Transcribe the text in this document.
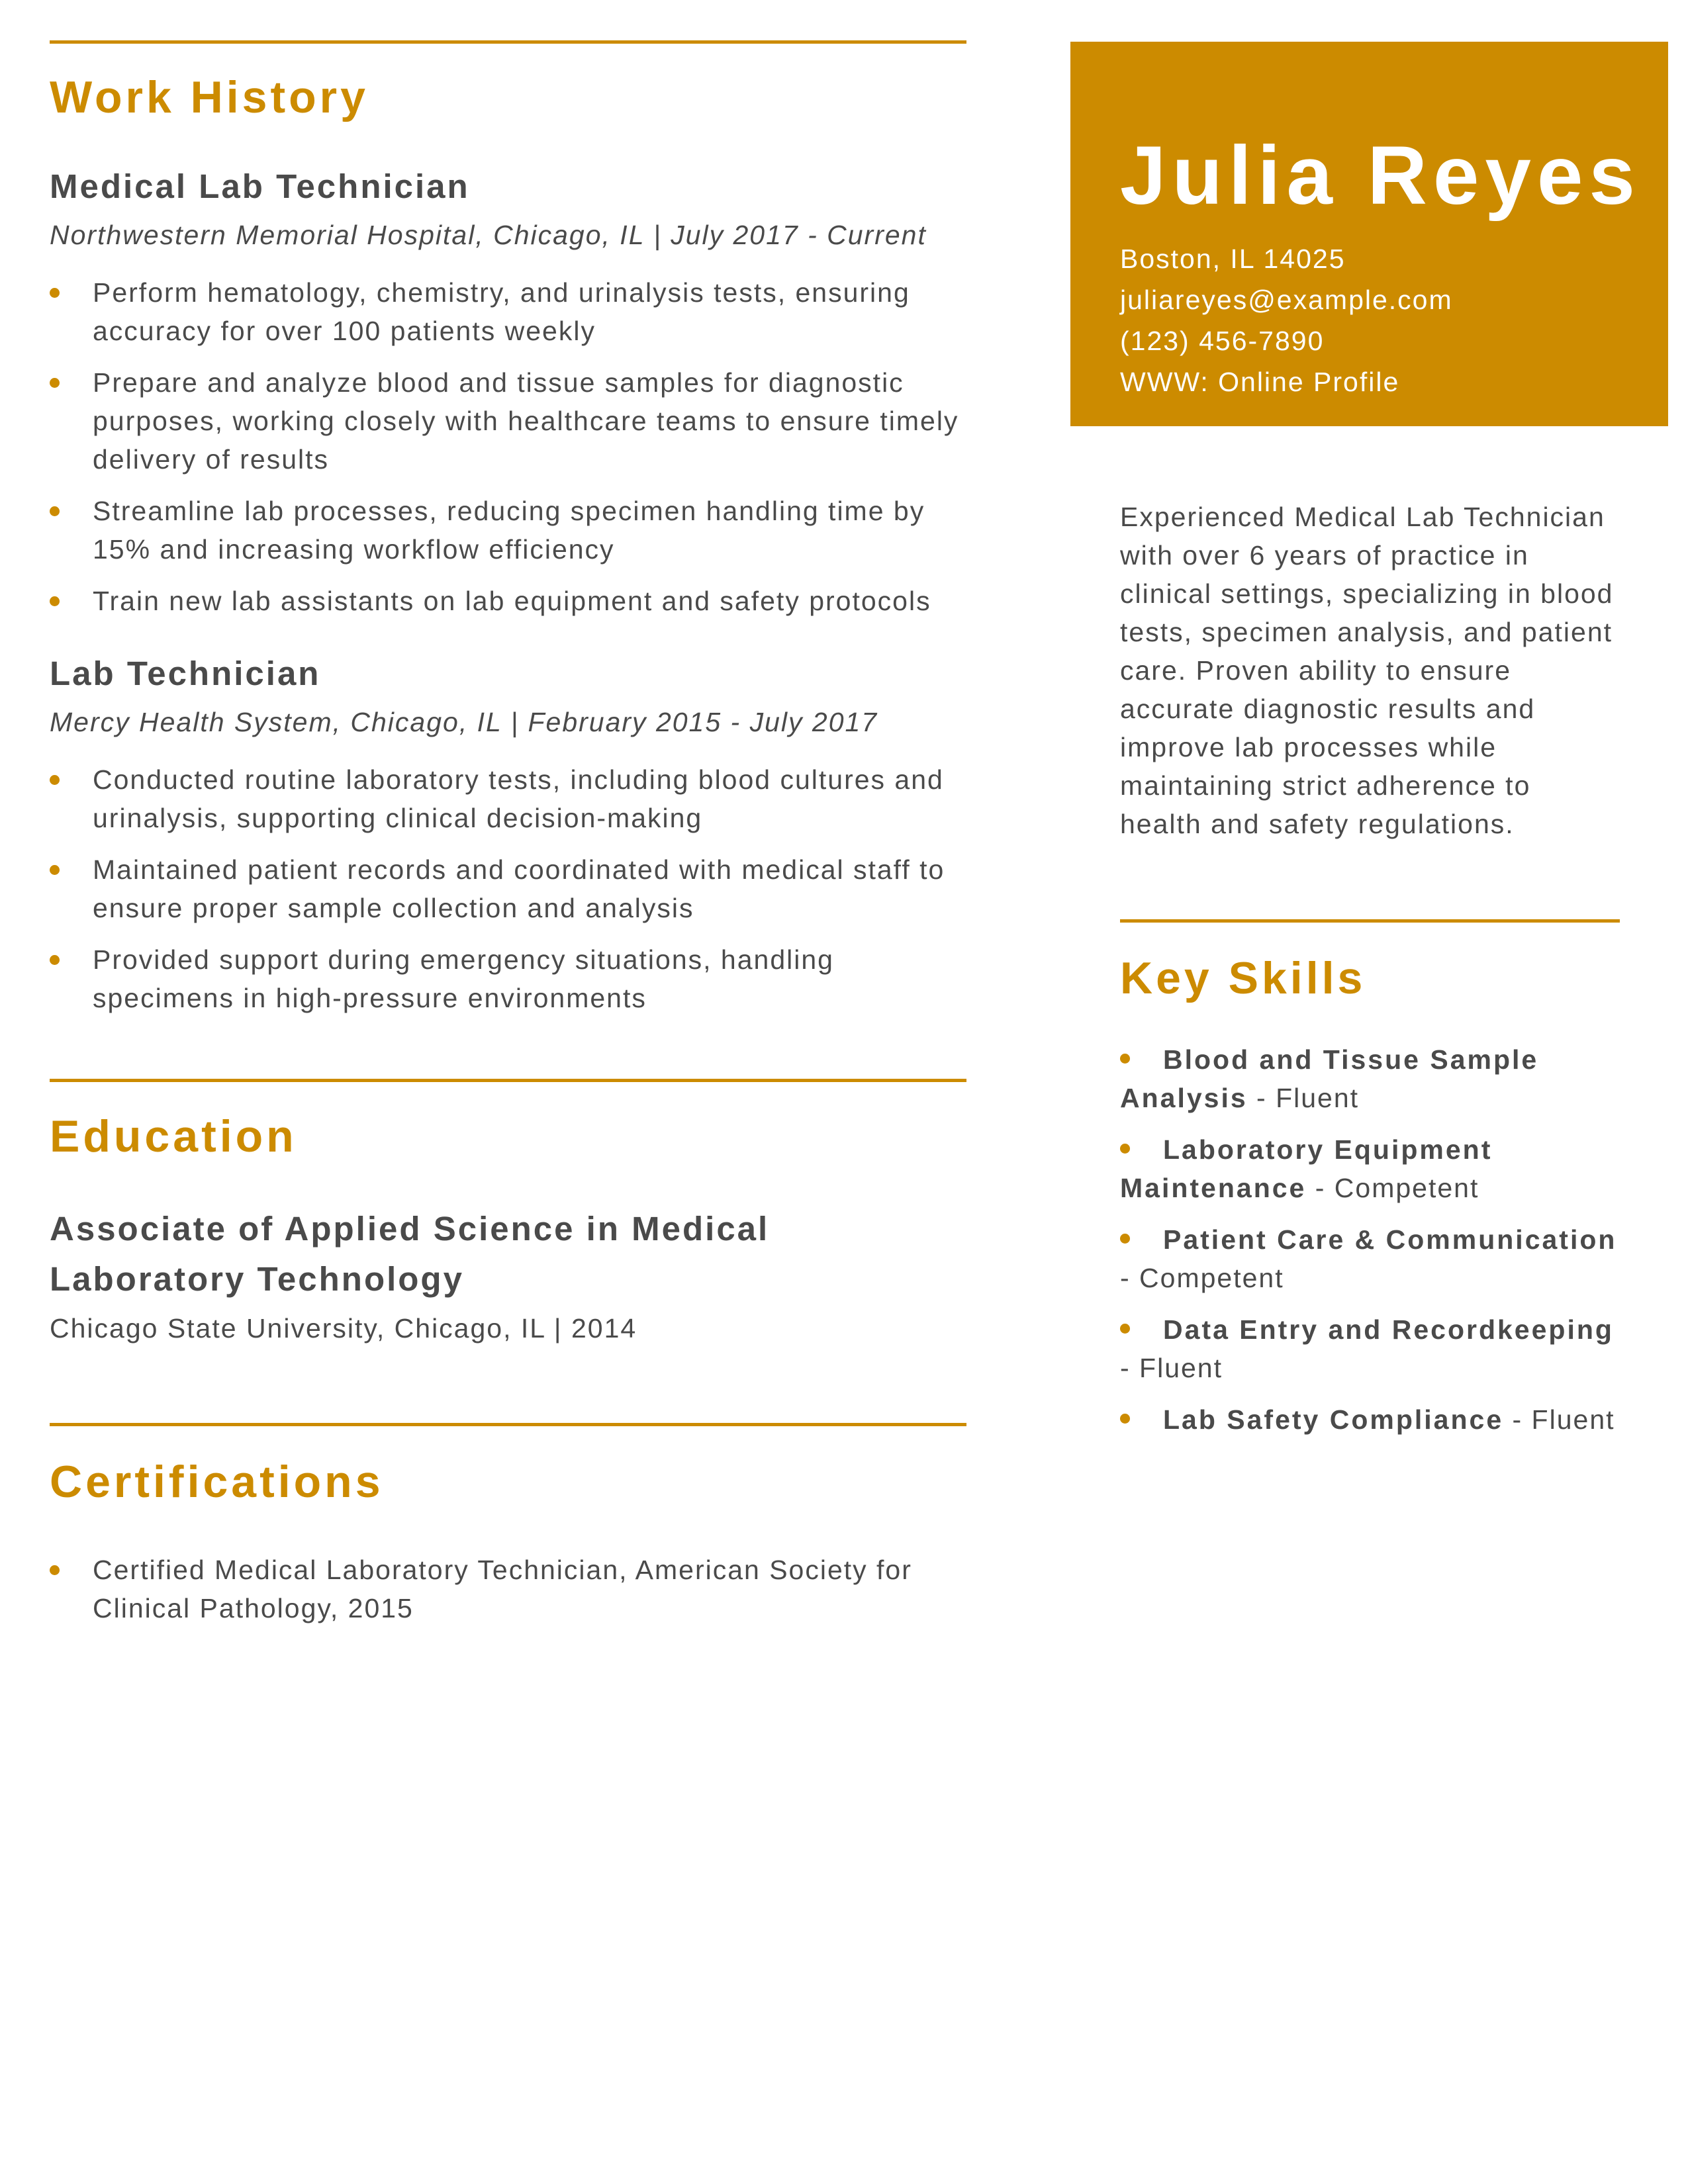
Work History
Medical Lab Technician
Northwestern Memorial Hospital, Chicago, IL | July 2017 - Current
Perform hematology, chemistry, and urinalysis tests, ensuring accuracy for over 100 patients weekly
Prepare and analyze blood and tissue samples for diagnostic purposes, working closely with healthcare teams to ensure timely delivery of results
Streamline lab processes, reducing specimen handling time by 15% and increasing workflow efficiency
Train new lab assistants on lab equipment and safety protocols
Lab Technician
Mercy Health System, Chicago, IL | February 2015 - July 2017
Conducted routine laboratory tests, including blood cultures and urinalysis, supporting clinical decision-making
Maintained patient records and coordinated with medical staff to ensure proper sample collection and analysis
Provided support during emergency situations, handling specimens in high-pressure environments
Education
Associate of Applied Science in Medical Laboratory Technology
Chicago State University, Chicago, IL | 2014
Certifications
Certified Medical Laboratory Technician, American Society for Clinical Pathology, 2015
Julia Reyes
Boston, IL 14025
juliareyes@example.com
(123) 456-7890
WWW: Online Profile

Experienced Medical Lab Technician with over 6 years of practice in clinical settings, specializing in blood tests, specimen analysis, and patient care. Proven ability to ensure accurate diagnostic results and improve lab processes while maintaining strict adherence to health and safety regulations.

Key Skills
Blood and Tissue Sample Analysis - Fluent
Laboratory Equipment Maintenance - Competent
Patient Care & Communication - Competent
Data Entry and Recordkeeping - Fluent
Lab Safety Compliance - Fluent
